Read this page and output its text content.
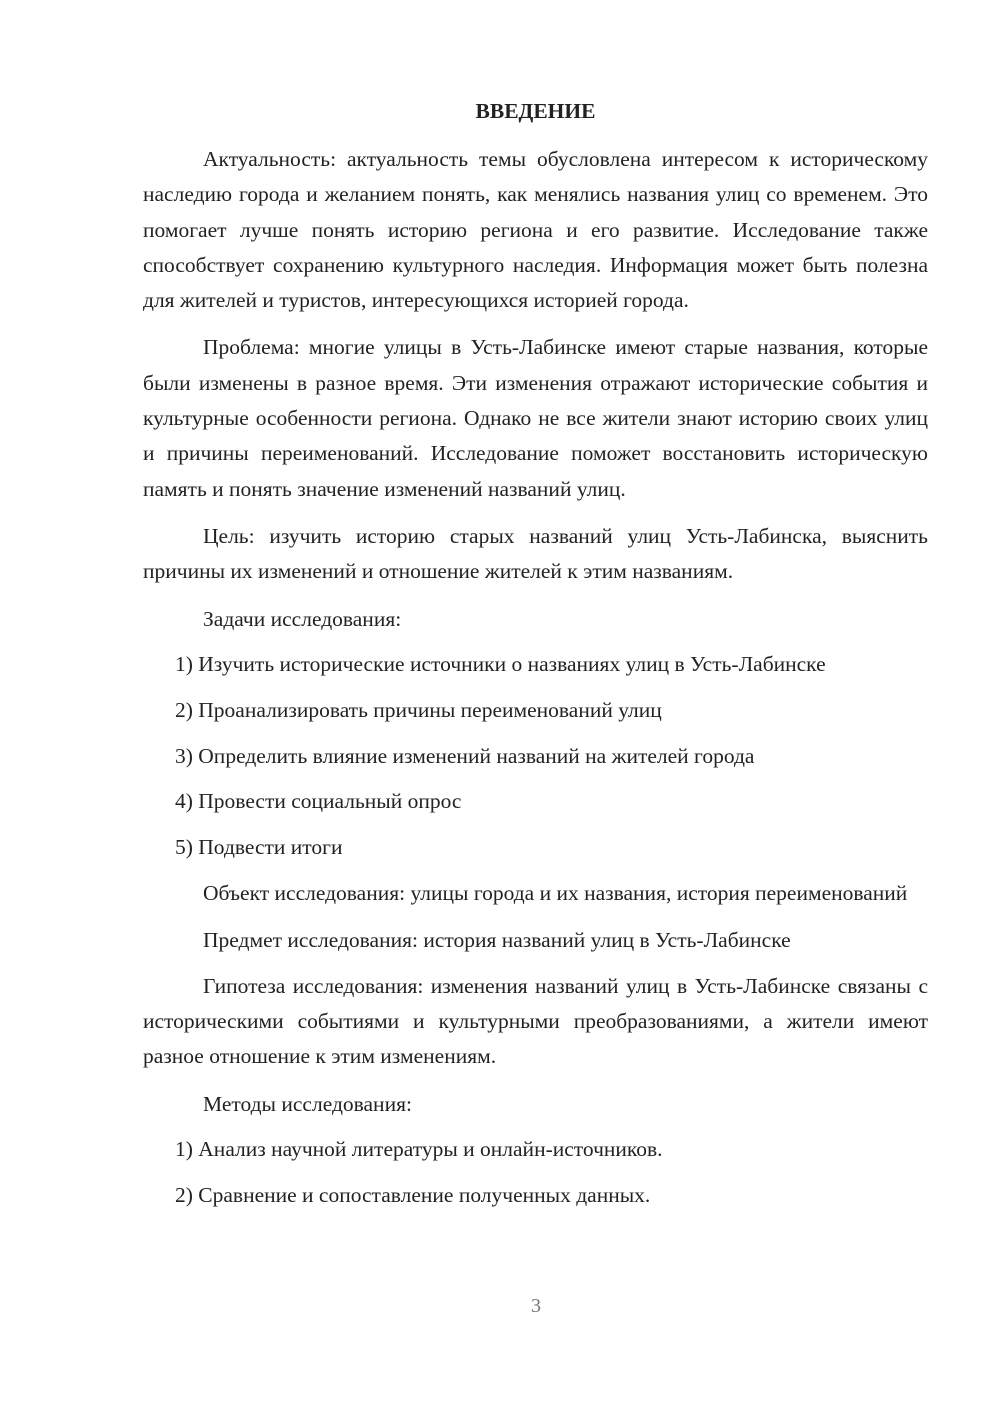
ВВЕДЕНИЕ

Актуальность: актуальность темы обусловлена интересом к историческому наследию города и желанием понять, как менялись названия улиц со временем. Это помогает лучше понять историю региона и его развитие. Исследование также способствует сохранению культурного наследия. Информация может быть полезна для жителей и туристов, интересующихся историей города.

Проблема: многие улицы в Усть-Лабинске имеют старые названия, которые были изменены в разное время. Эти изменения отражают исторические события и культурные особенности региона. Однако не все жители знают историю своих улиц и причины переименований. Исследование поможет восстановить историческую память и понять значение изменений названий улиц.

Цель: изучить историю старых названий улиц Усть-Лабинска, выяснить причины их изменений и отношение жителей к этим названиям.

Задачи исследования:
1) Изучить исторические источники о названиях улиц в Усть-Лабинске
2) Проанализировать причины переименований улиц
3) Определить влияние изменений названий на жителей города
4) Провести социальный опрос
5) Подвести итоги

Объект исследования: улицы города и их названия, история переименований

Предмет исследования: история названий улиц в Усть-Лабинске

Гипотеза исследования: изменения названий улиц в Усть-Лабинске связаны с историческими событиями и культурными преобразованиями, а жители имеют разное отношение к этим изменениям.

Методы исследования:
1) Анализ научной литературы и онлайн-источников.
2) Сравнение и сопоставление полученных данных.
3
